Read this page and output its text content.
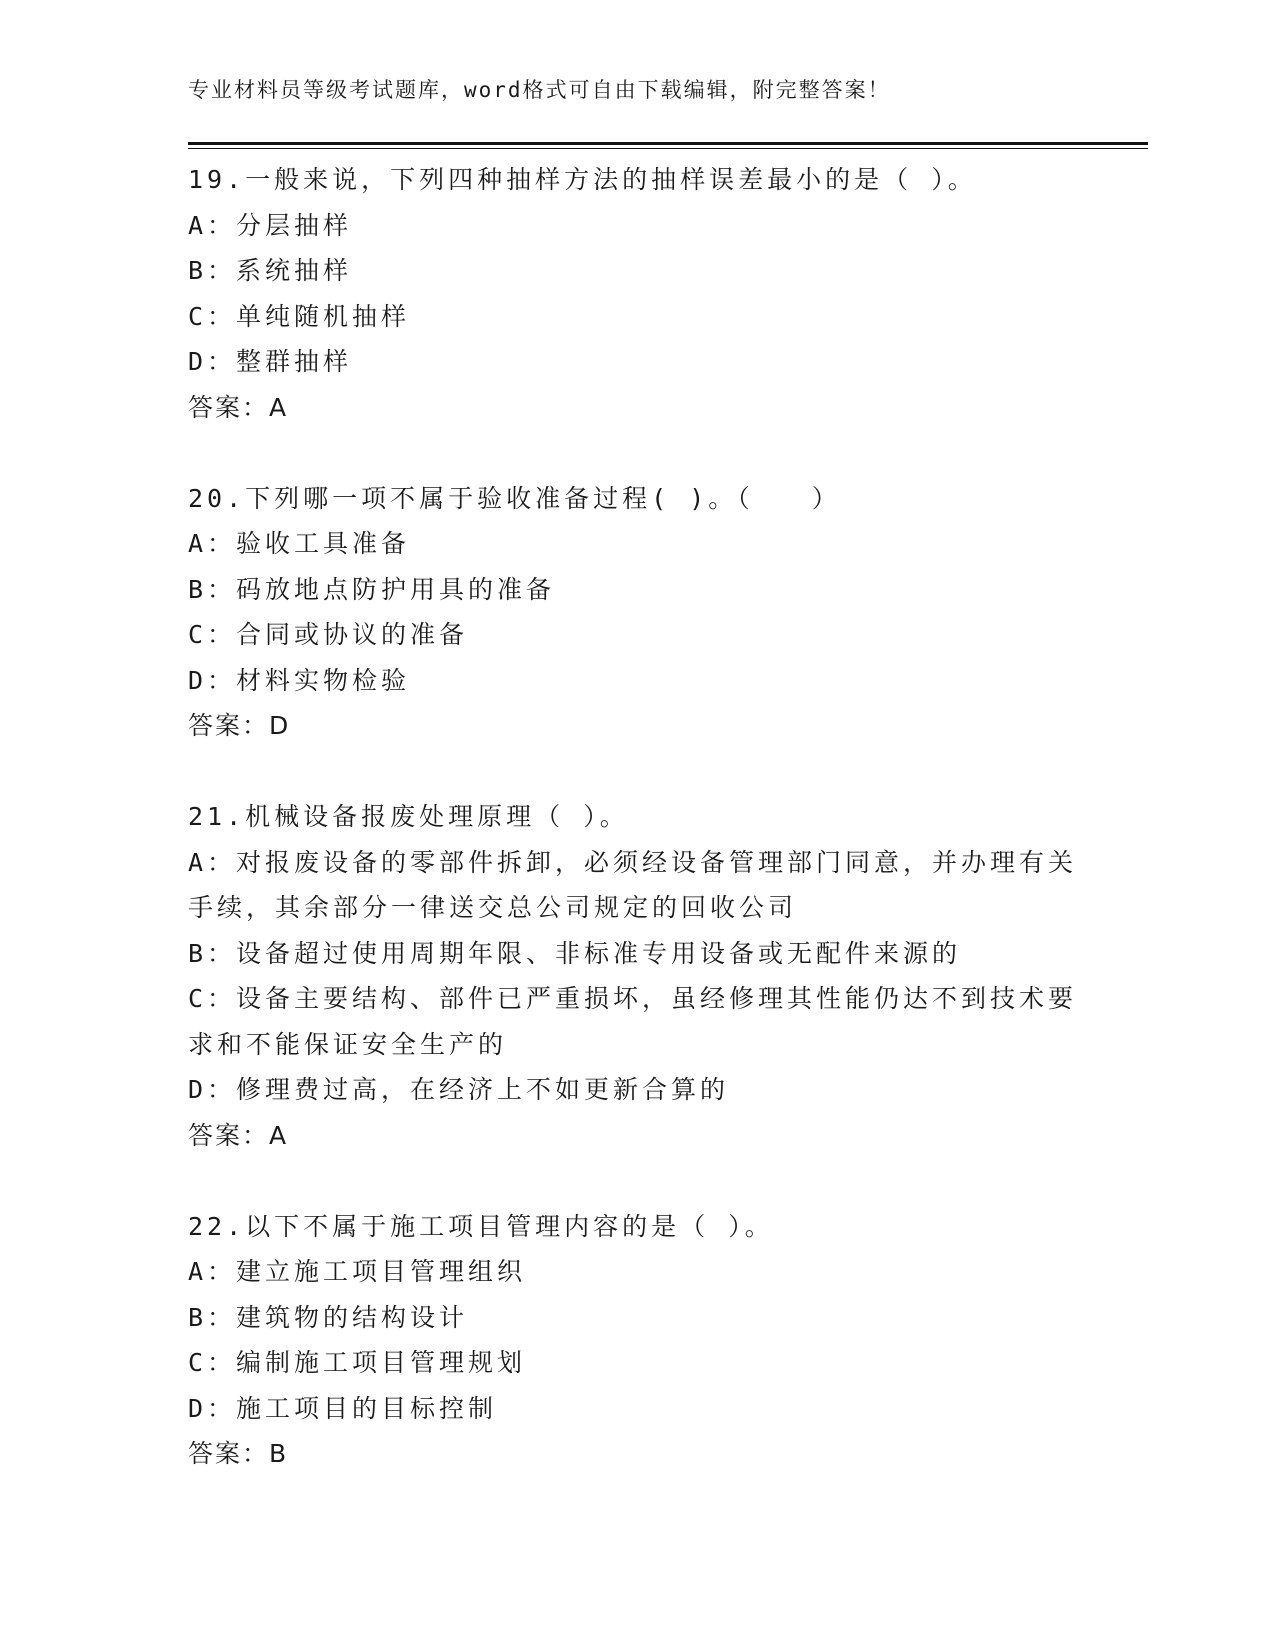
专业材料员等级考试题库，word格式可自由下载编辑，附完整答案！
19.一般来说，下列四种抽样方法的抽样误差最小的是（ ）。
A：分层抽样
B：系统抽样
C：单纯随机抽样
D：整群抽样
答案：A
20.下列哪一项不属于验收准备过程( )。（　　）
A：验收工具准备
B：码放地点防护用具的准备
C：合同或协议的准备
D：材料实物检验
答案：D
21.机械设备报废处理原理（ ）。
A：对报废设备的零部件拆卸，必须经设备管理部门同意，并办理有关手续，其余部分一律送交总公司规定的回收公司
B：设备超过使用周期年限、非标准专用设备或无配件来源的
C：设备主要结构、部件已严重损坏，虽经修理其性能仍达不到技术要求和不能保证安全生产的
D：修理费过高，在经济上不如更新合算的
答案：A
22.以下不属于施工项目管理内容的是（ ）。
A：建立施工项目管理组织
B：建筑物的结构设计
C：编制施工项目管理规划
D：施工项目的目标控制
答案：B
